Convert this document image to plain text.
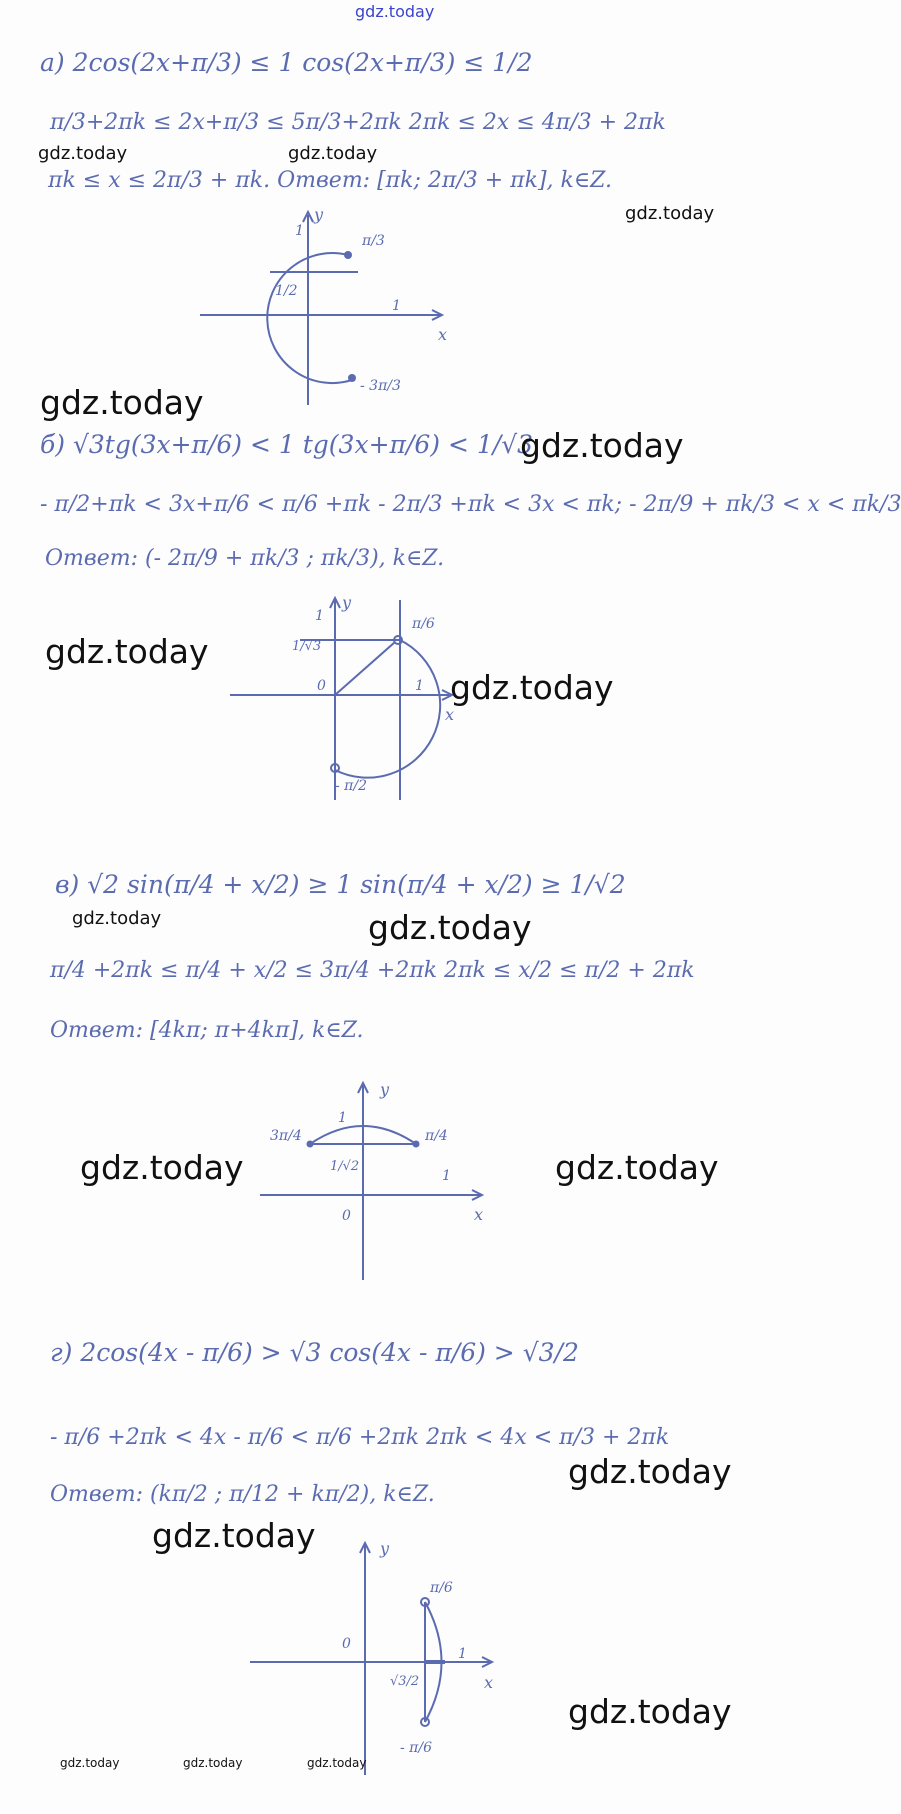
gdz.today
а) 2cos(2x+π/3) ≤ 1 cos(2x+π/3) ≤ 1/2
π/3+2πk ≤ 2x+π/3 ≤ 5π/3+2πk 2πk ≤ 2x ≤ 4π/3 + 2πk
πk ≤ x ≤ 2π/3 + πk. Ответ: [πk; 2π/3 + πk], k∈Z.
gdz.today	gdz.today
gdz.today
y
x
1
1
1/2
π/3
- 3π/3
gdz.today
б) √3tg(3x+π/6) < 1 tg(3x+π/6) < 1/√3
gdz.today
- π/2+πk < 3x+π/6 < π/6 +πk - 2π/3 +πk < 3x < πk; - 2π/9 + πk/3 < x < πk/3
Ответ: (- 2π/9 + πk/3 ; πk/3), k∈Z.
y
x
1
1
0
1/√3
π/6
- π/2
gdz.today
gdz.today
в) √2 sin(π/4 + x/2) ≥ 1 sin(π/4 + x/2) ≥ 1/√2
gdz.today	gdz.today
π/4 +2πk ≤ π/4 + x/2 ≤ 3π/4 +2πk 2πk ≤ x/2 ≤ π/2 + 2πk
Ответ: [4kπ; π+4kπ], k∈Z.
y
x
1
1
0
1/√2
π/4
3π/4
gdz.today	gdz.today
г) 2cos(4x - π/6) > √3 cos(4x - π/6) > √3/2
- π/6 +2πk < 4x - π/6 < π/6 +2πk 2πk < 4x < π/3 + 2πk
gdz.today
Ответ: (kπ/2 ; π/12 + kπ/2), k∈Z.
gdz.today	y
x
1
0
√3/2
π/6
- π/6
gdz.today
gdz.today	gdz.today	gdz.today
